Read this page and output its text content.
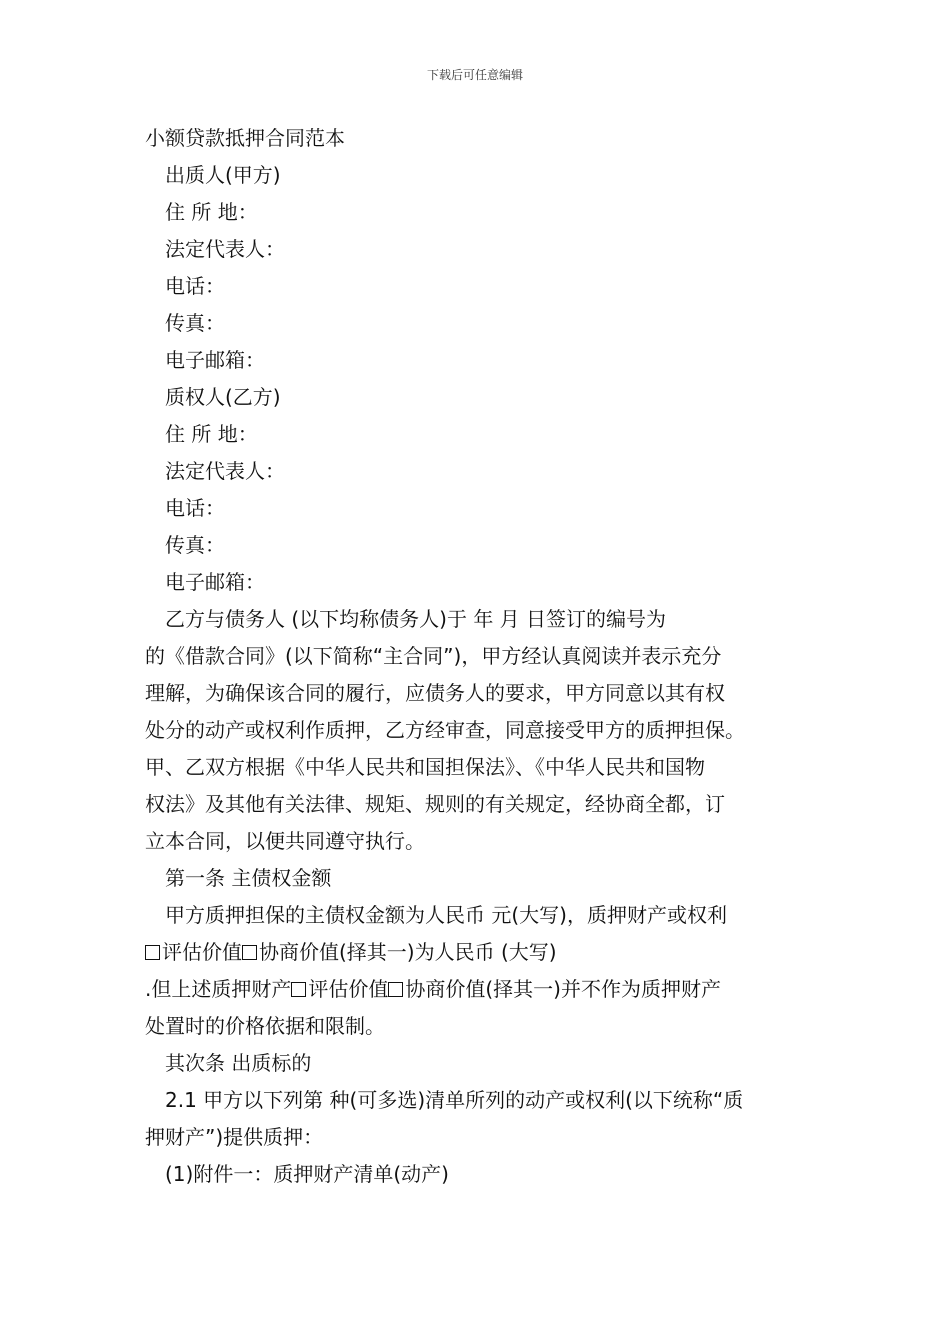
下载后可任意编辑
小额贷款抵押合同范本
出质人(甲方)
住 所 地：
法定代表人：
电话：
传真：
电子邮箱：
质权人(乙方)
住 所 地：
法定代表人：
电话：
传真：
电子邮箱：
乙方与债务人 (以下均称债务人)于 年 月 日签订的编号为
的《借款合同》(以下简称“主合同”)，甲方经认真阅读并表示充分
理解，为确保该合同的履行，应债务人的要求，甲方同意以其有权
处分的动产或权利作质押，乙方经审查，同意接受甲方的质押担保。
甲、乙双方根据《中华人民共和国担保法》、《中华人民共和国物
权法》及其他有关法律、规矩、规则的有关规定，经协商全都，订
立本合同，以便共同遵守执行。
第一条 主债权金额
甲方质押担保的主债权金额为人民币 元(大写)，质押财产或权利
评估价值 协商价值(择其一)为人民币 (大写)
.但上述质押财产 评估价值 协商价值(择其一)并不作为质押财产
处置时的价格依据和限制。
其次条 出质标的
2.1 甲方以下列第 种(可多选)清单所列的动产或权利(以下统称“质
押财产”)提供质押：
(1)附件一：质押财产清单(动产)
